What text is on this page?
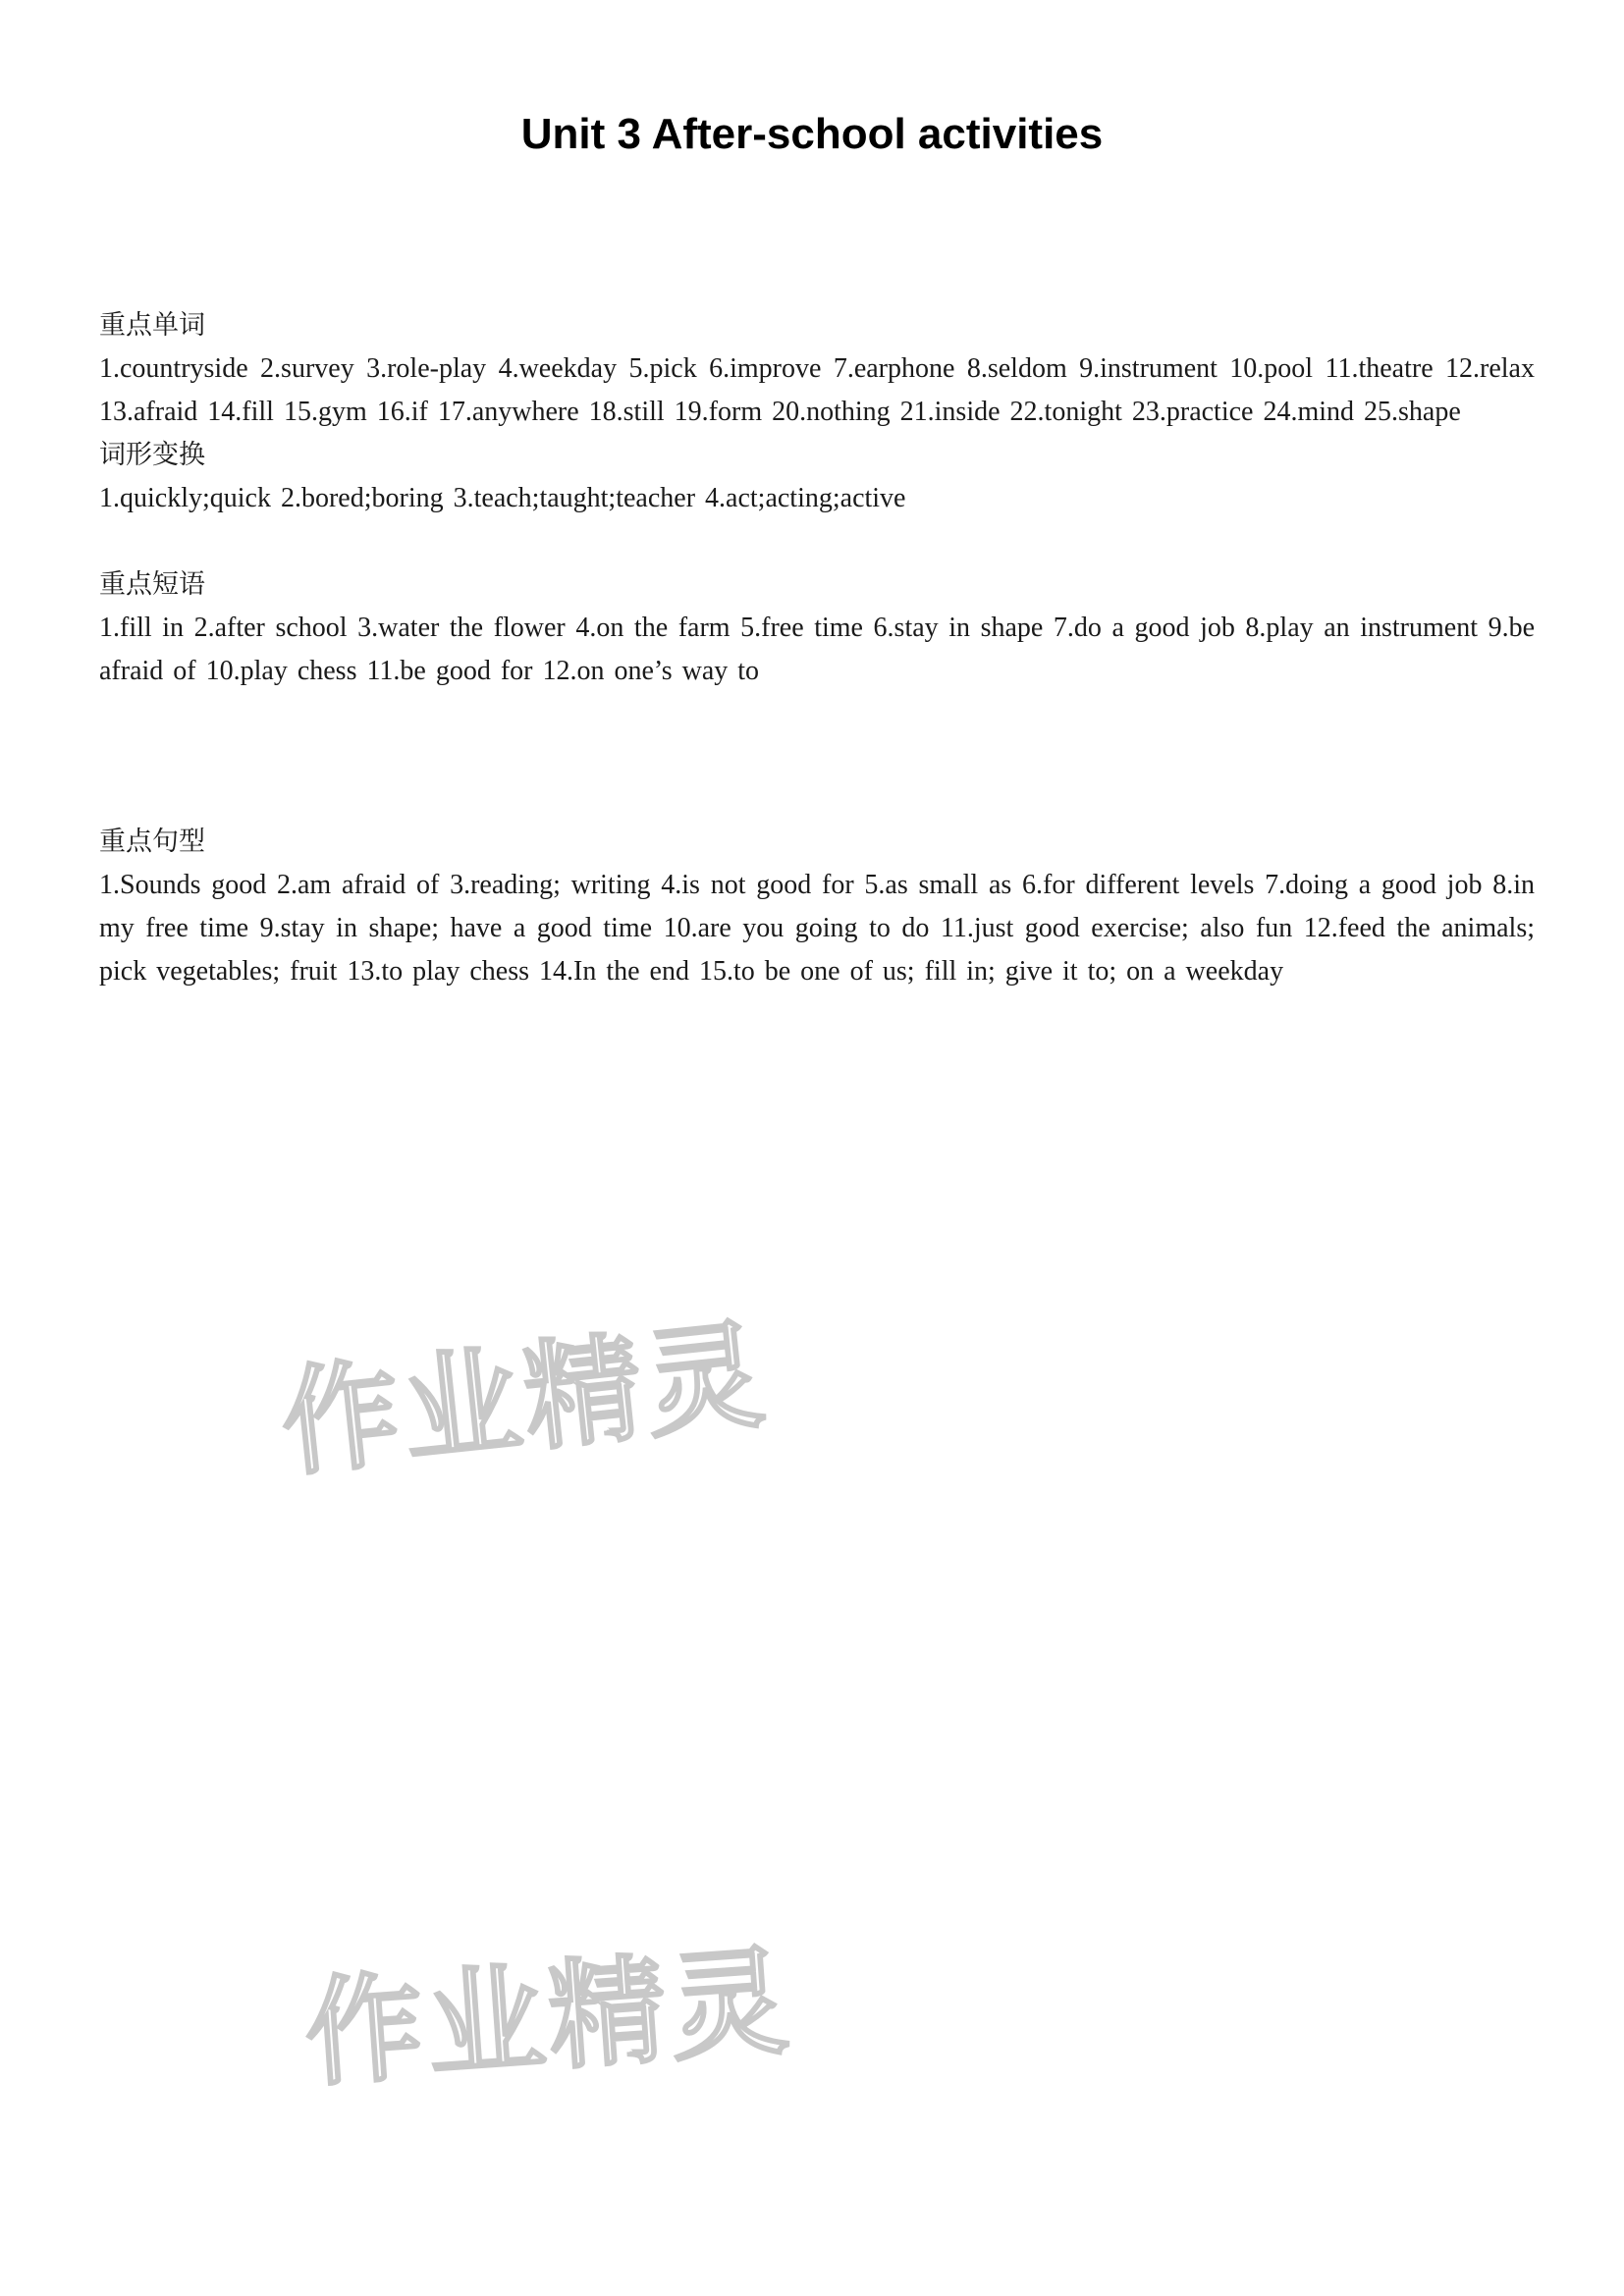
Unit 3 After-school activities
重点单词

1.countryside 2.survey 3.role-play 4.weekday 5.pick 6.improve 7.earphone 8.seldom 9.instrument 10.pool 11.theatre 12.relax 13.afraid 14.fill 15.gym 16.if 17.anywhere 18.still 19.form 20.nothing 21.inside 22.tonight 23.practice 24.mind 25.shape

词形变换

1.quickly;quick 2.bored;boring 3.teach;taught;teacher 4.act;acting;active

重点短语

1.fill in 2.after school 3.water the flower 4.on the farm 5.free time 6.stay in shape 7.do a good job 8.play an instrument 9.be afraid of 10.play chess 11.be good for 12.on one’s way to

重点句型

1.Sounds good 2.am afraid of 3.reading; writing 4.is not good for 5.as small as 6.for different levels 7.doing a good job 8.in my free time 9.stay in shape; have a good time 10.are you going to do 11.just good exercise; also fun 12.feed the animals; pick vegetables; fruit 13.to play chess 14.In the end 15.to be one of us; fill in; give it to; on a weekday

作业精灵
作业精灵
